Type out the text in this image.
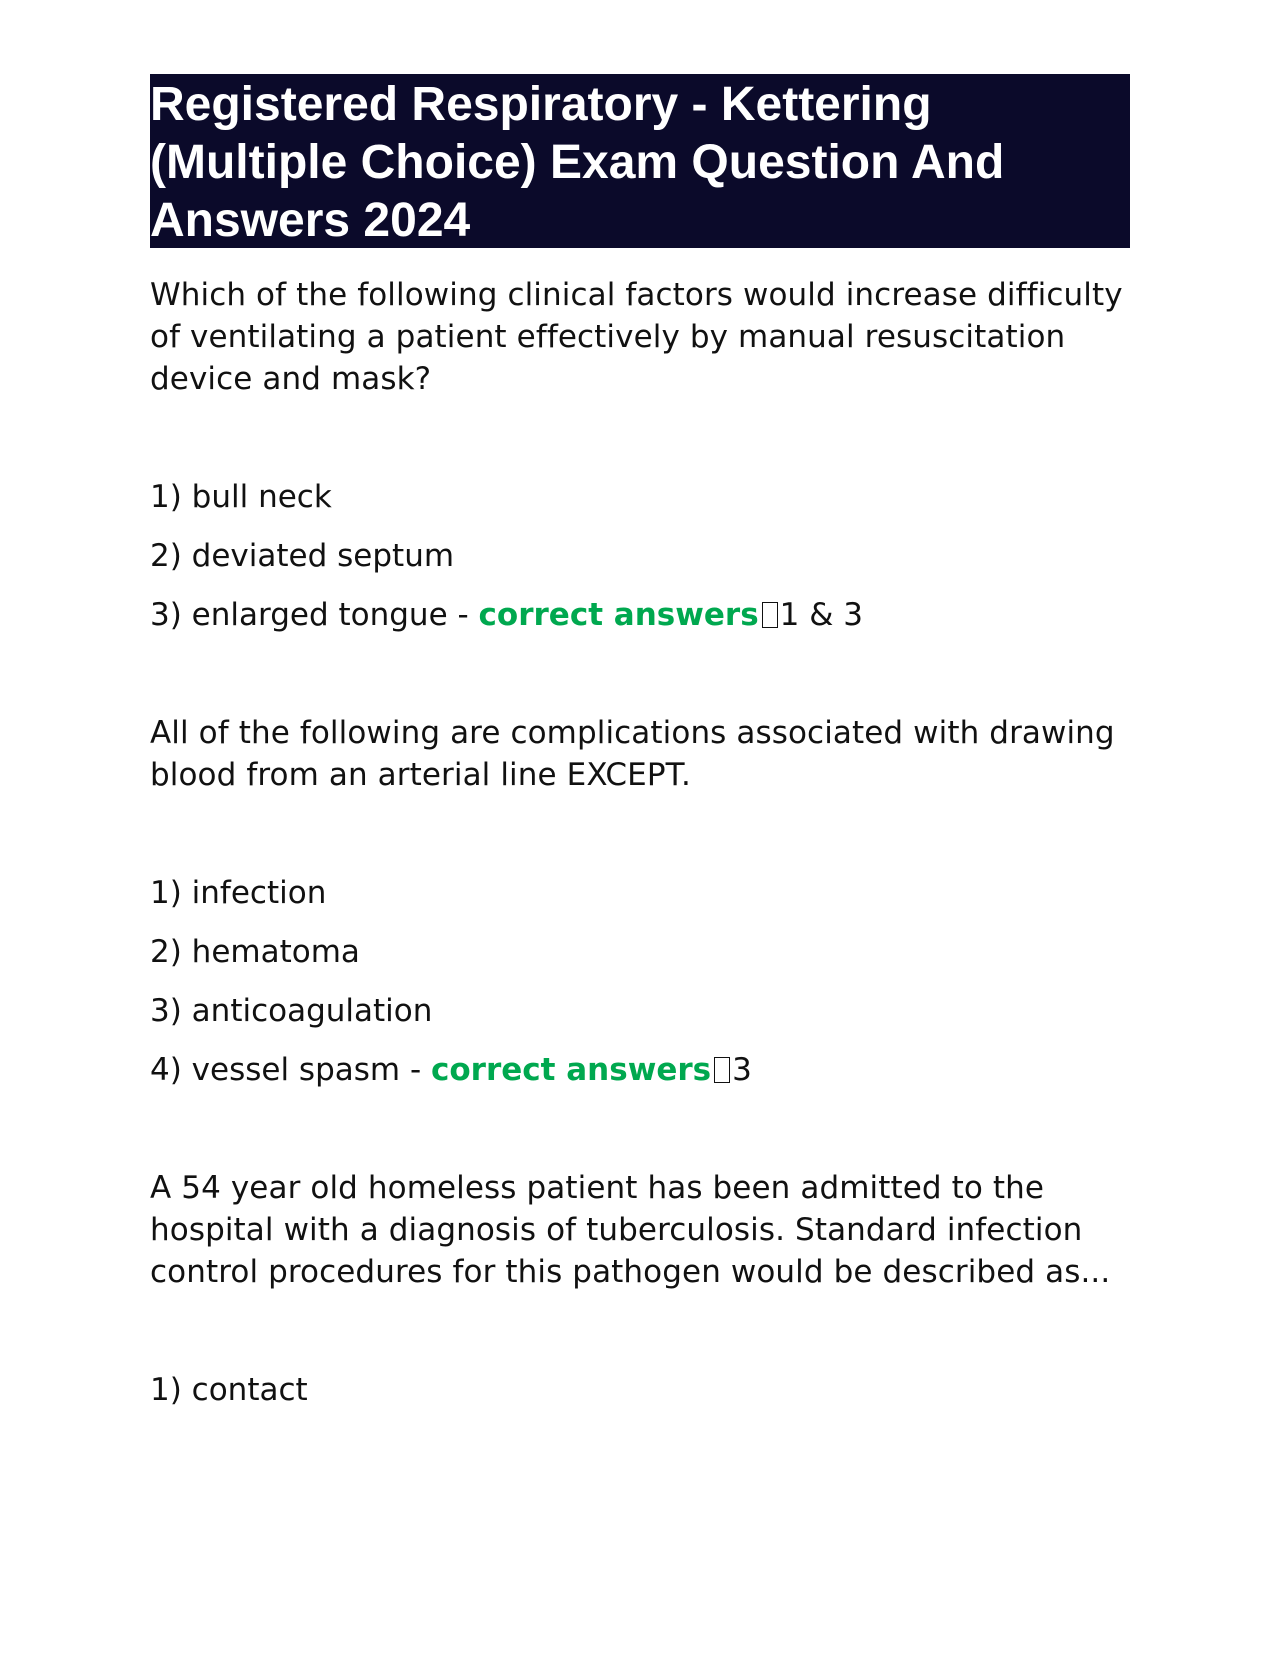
Registered Respiratory - Kettering (Multiple Choice) Exam Question And Answers 2024

Which of the following clinical factors would increase difficulty of ventilating a patient effectively by manual resuscitation device and mask?

1) bull neck
2) deviated septum
3) enlarged tongue - correct answers 1 & 3

All of the following are complications associated with drawing blood from an arterial line EXCEPT.

1) infection
2) hematoma
3) anticoagulation
4) vessel spasm - correct answers 3

A 54 year old homeless patient has been admitted to the hospital with a diagnosis of tuberculosis. Standard infection control procedures for this pathogen would be described as...

1) contact
